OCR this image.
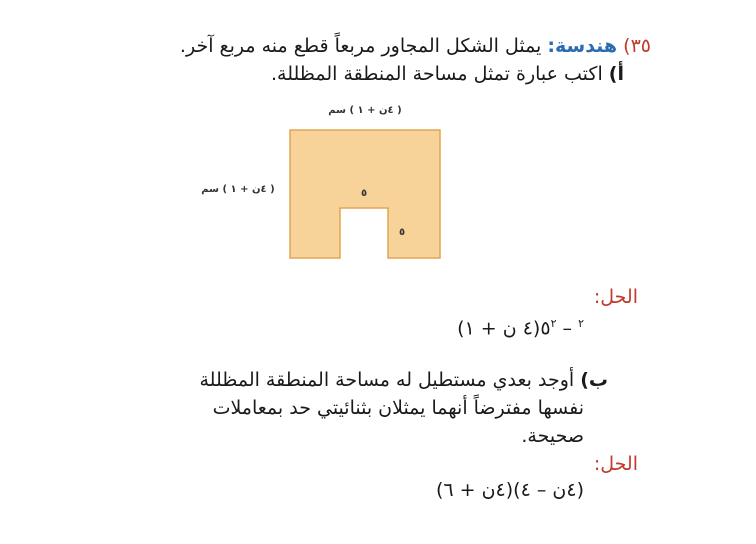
٣٥) هندسة: يمثل الشكل المجاور مربعاً قطع منه مربع آخر.
أ) اكتب عبارة تمثل مساحة المنطقة المظللة.
( ٤ن + ١ ) سم
( ٤ن + ١ ) سم	٥
٥
الحل:
(٤ ن + ١)	$^٢ - ٥^٢$
ب) أوجد بعدي مستطيل له مساحة المنطقة المظللة
نفسها مفترضاً أنهما يمثلان بثنائيتي حد بمعاملات
صحيحة.
الحل:
(٤ن + ٦)(٤ن – ٤)
